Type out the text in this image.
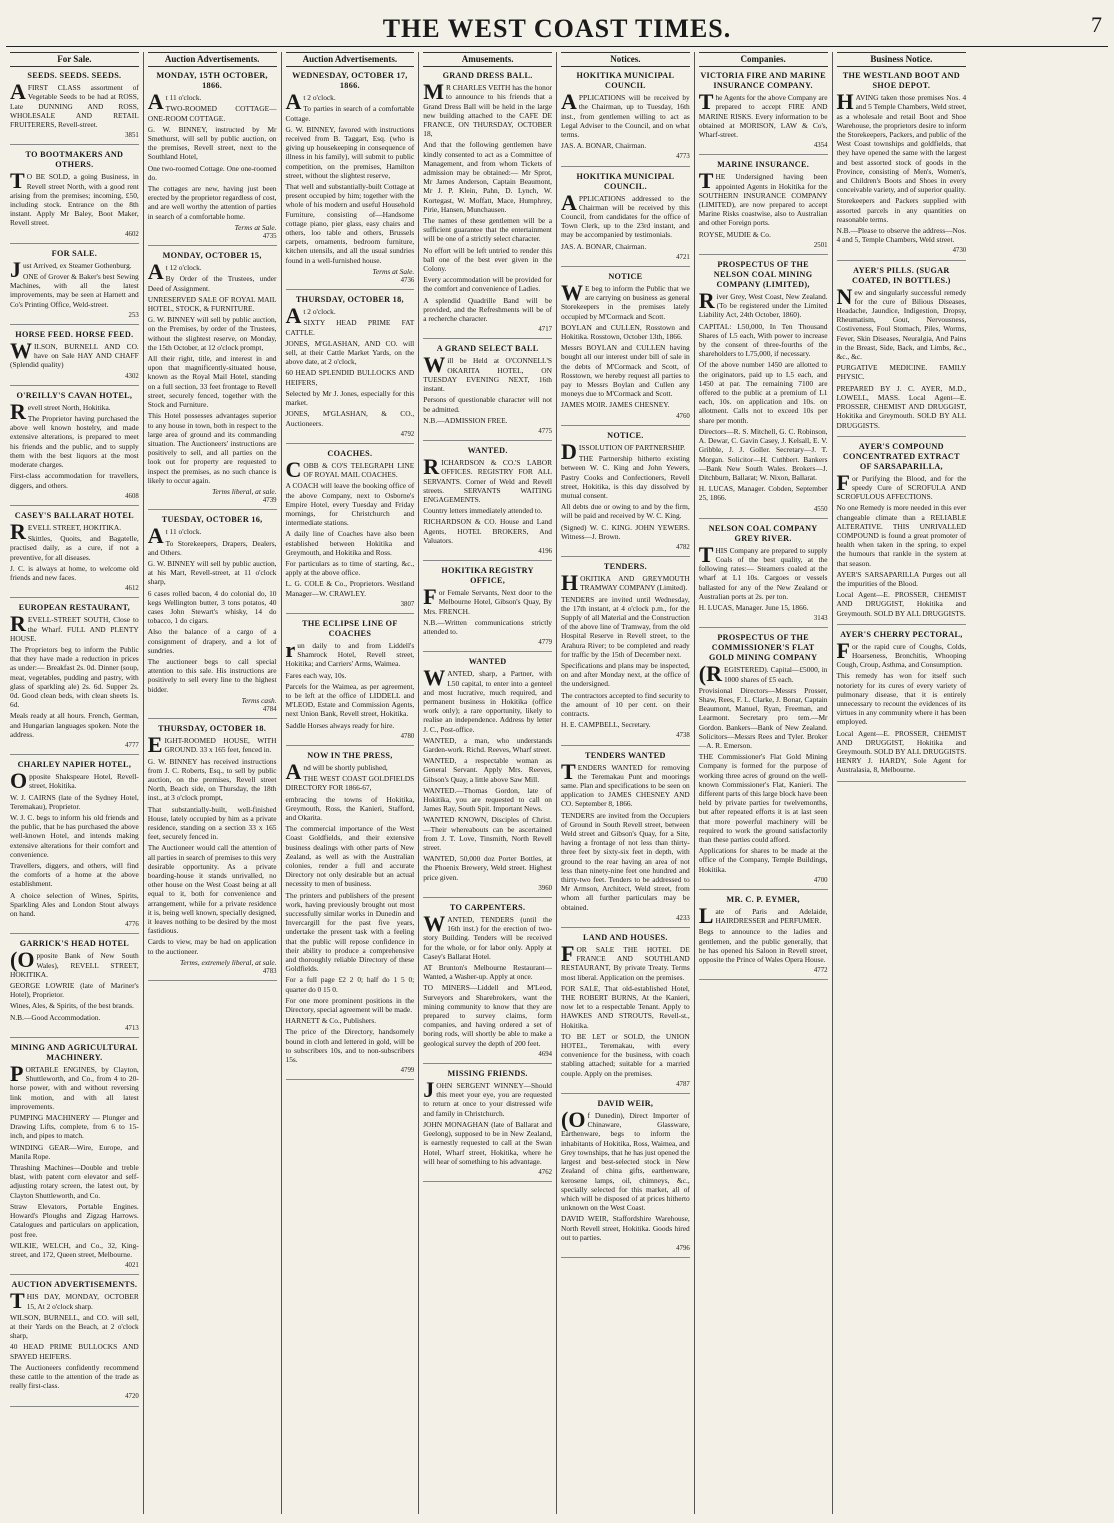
THE WEST COAST TIMES.	7
For Sale.
SEEDS. SEEDS. SEEDS.

AFIRST CLASS assortment of Vegetable Seeds to be had at ROSS, Late DUNNING AND ROSS, WHOLESALE AND RETAIL FRUITERERS, Revell-street.

3851
TO BOOTMAKERS AND OTHERS.

TO BE SOLD, a going Business, in Revell street North, with a good rent arising from the premises; incoming, £50, including stock. Entrance on the 8th instant. Apply Mr Baley, Boot Maker, Revell street.

4602
FOR SALE.

Just Arrived, ex Steamer Gothenburg.

ONE of Grover & Baker's best Sewing Machines, with all the latest improvements, may be seen at Harnett and Co's Printing Office, Weld-street.

253
HORSE FEED. HORSE FEED.

WILSON, BURNELL AND CO. have on Sale HAY AND CHAFF (Splendid quality)

4302
O'REILLY'S CAVAN HOTEL,

Revell street North, Hokitika.

The Proprietor having purchased the above well known hostelry, and made extensive alterations, is prepared to meet his friends and the public, and to supply them with the best liquors at the most moderate charges.

First-class accommodation for travellers, diggers, and others.

4608
CASEY'S BALLARAT HOTEL

REVELL STREET, HOKITIKA.

Skittles, Quoits, and Bagatelle, practised daily, as a cure, if not a preventive, for all diseases.

J. C. is always at home, to welcome old friends and new faces.

4612
EUROPEAN RESTAURANT,

REVELL-STREET SOUTH, Close to the Wharf. FULL AND PLENTY HOUSE.

The Proprietors beg to inform the Public that they have made a reduction in prices as under:— Breakfast 2s. 0d. Dinner (soup, meat, vegetables, pudding and pastry, with glass of sparkling ale) 2s. 6d. Supper 2s. 0d. Good clean beds, with clean sheets 1s. 6d.

Meals ready at all hours. French, German, and Hungarian languages spoken. Note the address.

4777
CHARLEY NAPIER HOTEL,

Opposite Shakspeare Hotel, Revell-street, Hokitika.

W. J. CAIRNS (late of the Sydney Hotel, Teremakau), Proprietor.

W. J. C. begs to inform his old friends and the public, that he has purchased the above well-known Hotel, and intends making extensive alterations for their comfort and convenience.

Travellers, diggers, and others, will find the comforts of a home at the above establishment.

A choice selection of Wines, Spirits, Sparkling Ales and London Stout always on hand.

4776
GARRICK'S HEAD HOTEL

(Opposite Bank of New South Wales), REVELL STREET, HOKITIKA.

GEORGE LOWRIE (late of Mariner's Hotel), Proprietor.

Wines, Ales, & Spirits, of the best brands.

N.B.—Good Accommodation.

4713
MINING AND AGRICULTURAL MACHINERY.

PORTABLE ENGINES, by Clayton, Shuttleworth, and Co., from 4 to 20-horse power, with and without reversing link motion, and with all latest improvements.

PUMPING MACHINERY — Plunger and Drawing Lifts, complete, from 6 to 15-inch, and pipes to match.

WINDING GEAR—Wire, Europe, and Manila Rope.

Thrashing Machines—Double and treble blast, with patent corn elevator and self-adjusting rotary screen, the latest out, by Clayton Shuttleworth, and Co.

Straw Elevators, Portable Engines. Howard's Ploughs and Zigzag Harrows. Catalogues and particulars on application, post free.

WILKIE, WELCH, and Co., 32, King-street, and 172, Queen street, Melbourne.

4021
AUCTION ADVERTISEMENTS.

THIS DAY, MONDAY, OCTOBER 15, At 2 o'clock sharp.

WILSON, BURNELL, and CO. will sell, at their Yards on the Beach, at 2 o'clock sharp,

40 HEAD PRIME BULLOCKS AND SPAYED HEIFERS.

The Auctioneers confidently recommend these cattle to the attention of the trade as really first-class.

4720
Auction Advertisements.
MONDAY, 15TH OCTOBER, 1866.

At 11 o'clock.

TWO-ROOMED COTTAGE—ONE-ROOM COTTAGE.

G. W. BINNEY, instructed by Mr Smethurst, will sell by public auction, on the premises, Revell street, next to the Southland Hotel,

One two-roomed Cottage. One one-roomed do.

The cottages are new, having just been erected by the proprietor regardless of cost, and are well worthy the attention of parties in search of a comfortable home.

Terms at Sale.
4735
MONDAY, OCTOBER 15,

At 12 o'clock.

By Order of the Trustees, under Deed of Assignment.

UNRESERVED SALE OF ROYAL MAIL HOTEL, STOCK, & FURNITURE.

G. W. BINNEY will sell by public auction, on the Premises, by order of the Trustees, without the slightest reserve, on Monday, the 15th October, at 12 o'clock prompt,

All their right, title, and interest in and upon that magnificently-situated house, known as the Royal Mail Hotel, standing on a full section, 33 feet frontage to Revell street, securely fenced, together with the Stock and Furniture.

This Hotel possesses advantages superior to any house in town, both in respect to the large area of ground and its commanding situation. The Auctioneers' instructions are positively to sell, and all parties on the look out for property are requested to inspect the premises, as no such chance is likely to occur again.

Terms liberal, at sale.
4739
TUESDAY, OCTOBER 16,

At 11 o'clock.

To Storekeepers, Drapers, Dealers, and Others.

G. W. BINNEY will sell by public auction, at his Mart, Revell-street, at 11 o'clock sharp,

6 cases rolled bacon, 4 do colonial do, 10 kegs Wellington butter, 3 tons potatos, 40 cases John Stewart's whisky, 14 do tobacco, 1 do cigars.

Also the balance of a cargo of a consignment of drapery, and a lot of sundries.

The auctioneer begs to call special attention to this sale. His instructions are positively to sell every line to the highest bidder.

Terms cash.
4784
THURSDAY, OCTOBER 18.

EIGHT-ROOMED HOUSE, WITH GROUND. 33 x 165 feet, fenced in.

G. W. BINNEY has received instructions from J. C. Roberts, Esq., to sell by public auction, on the premises, Revell street North, Beach side, on Thursday, the 18th inst., at 3 o'clock prompt,

That substantially-built, well-finished House, lately occupied by him as a private residence, standing on a section 33 x 165 feet, securely fenced in.

The Auctioneer would call the attention of all parties in search of premises to this very desirable opportunity. As a private boarding-house it stands unrivalled, no other house on the West Coast being at all equal to it, both for convenience and arrangement, while for a private residence it is, being well known, specially designed, it leaves nothing to be desired by the most fastidious.

Cards to view, may be had on application to the auctioneer.

Terms, extremely liberal, at sale.
4783
Auction Advertisements.
WEDNESDAY, OCTOBER 17, 1866.

At 2 o'clock.

To parties in search of a comfortable Cottage.

G. W. BINNEY, favored with instructions received from B. Taggart, Esq. (who is giving up housekeeping in consequence of illness in his family), will submit to public competition, on the premises, Hamilton street, without the slightest reserve,

That well and substantially-built Cottage at present occupied by him; together with the whole of his modern and useful Household Furniture, consisting of—Handsome cottage piano, pier glass, easy chairs and others, loo table and others, Brussels carpets, ornaments, bedroom furniture, kitchen utensils, and all the usual sundries found in a well-furnished house.

Terms at Sale.
4736
THURSDAY, OCTOBER 18,

At 2 o'clock.

SIXTY HEAD PRIME FAT CATTLE.

JONES, M'GLASHAN, AND CO. will sell, at their Cattle Market Yards, on the above date, at 2 o'clock,

60 HEAD SPLENDID BULLOCKS AND HEIFERS,

Selected by Mr J. Jones, especially for this market.

JONES, M'GLASHAN, & CO., Auctioneers.

4792
COACHES.

COBB & CO'S TELEGRAPH LINE OF ROYAL MAIL COACHES.

A COACH will leave the booking office of the above Company, next to Osborne's Empire Hotel, every Tuesday and Friday mornings, for Christchurch and intermediate stations.

A daily line of Coaches have also been established between Hokitika and Greymouth, and Hokitika and Ross.

For particulars as to time of starting, &c., apply at the above office.

L. G. COLE & Co., Proprietors. Westland Manager—W. CRAWLEY.

3807
THE ECLIPSE LINE OF COACHES

run daily to and from Liddell's Shamrock Hotel, Revell street, Hokitika; and Carriers' Arms, Waimea.

Fares each way, 10s.

Parcels for the Waimea, as per agreement, to be left at the office of LIDDELL and M'LEOD, Estate and Commission Agents, next Union Bank, Revell street, Hokitika.

Saddle Horses always ready for hire.

4780
NOW IN THE PRESS,

And will be shortly published,

THE WEST COAST GOLDFIELDS DIRECTORY FOR 1866-67,

embracing the towns of Hokitika, Greymouth, Ross, the Kanieri, Stafford, and Okarita.

The commercial importance of the West Coast Goldfields, and their extensive business dealings with other parts of New Zealand, as well as with the Australian colonies, render a full and accurate Directory not only desirable but an actual necessity to men of business.

The printers and publishers of the present work, having previously brought out most successfully similar works in Dunedin and Invercargill for the past five years, undertake the present task with a feeling that the public will repose confidence in their ability to produce a comprehensive and thoroughly reliable Directory of these Goldfields.

For a full page £2 2 0; half do 1 5 0; quarter do 0 15 0.

For one more prominent positions in the Directory, special agreement will be made.

HARNETT & Co., Publishers.

The price of the Directory, handsomely bound in cloth and lettered in gold, will be to subscribers 10s, and to non-subscribers 15s.

4799
Amusements.
GRAND DRESS BALL.

MR CHARLES VEITH has the honor to announce to his friends that a Grand Dress Ball will be held in the large new building attached to the CAFE DE FRANCE, ON THURSDAY, OCTOBER 18,

And that the following gentlemen have kindly consented to act as a Committee of Management, and from whom Tickets of admission may be obtained:— Mr Sprot, Mr James Anderson, Captain Beaumont, Mr J. P. Klein, Pahn, D. Lynch, W. Kortegast, W. Moffatt, Mace, Humphrey, Pirie, Hansen, Munchausen.

The names of these gentlemen will be a sufficient guarantee that the entertainment will be one of a strictly select character.

No effort will be left untried to render this ball one of the best ever given in the Colony.

Every accommodation will be provided for the comfort and convenience of Ladies.

A splendid Quadrille Band will be provided, and the Refreshments will be of a recherche character.

4717
A GRAND SELECT BALL

Will be Held at O'CONNELL'S OKARITA HOTEL, ON TUESDAY EVENING NEXT, 16th instant.

Persons of questionable character will not be admitted.

N.B.—ADMISSION FREE.

4775
WANTED.

RICHARDSON & CO.'S LABOR OFFICES. REGISTRY FOR ALL SERVANTS. Corner of Weld and Revell streets. SERVANTS WAITING ENGAGEMENTS.

Country letters immediately attended to.

RICHARDSON & CO. House and Land Agents, HOTEL BROKERS, And Valuators.

4196
HOKITIKA REGISTRY OFFICE,

For Female Servants, Next door to the Melbourne Hotel, Gibson's Quay, By Mrs. FRENCH.

N.B.—Written communications strictly attended to.

4779
WANTED

WANTED, sharp, a Partner, with L50 capital, to enter into a genteel and most lucrative, much required, and permanent business in Hokitika (office work only); a rare opportunity, likely to realise an independence. Address by letter J. C., Post-office.

WANTED, a man, who understands Garden-work. Richd. Reeves, Wharf street.

WANTED, a respectable woman as General Servant. Apply Mrs. Reeves, Gibson's Quay, a little above Saw Mill.

WANTED.—Thomas Gordon, late of Hokitika, you are requested to call on James Ray, South Spit. Important News.

WANTED KNOWN, Disciples of Christ.—Their whereabouts can be ascertained from J. T. Love, Tinsmith, North Revell street.

WANTED, 50,000 doz Porter Bottles, at the Phoenix Brewery, Weld street. Highest price given.

3960
TO CARPENTERS.

WANTED, TENDERS (until the 16th inst.) for the erection of two-story Building. Tenders will be received for the whole, or for labor only. Apply at Casey's Ballarat Hotel.

AT Brunton's Melbourne Restaurant—Wanted, a Washer-up. Apply at once.

TO MINERS—Liddell and M'Leod, Surveyors and Sharebrokers, want the mining community to know that they are prepared to survey claims, form companies, and having ordered a set of boring rods, will shortly be able to make a geological survey the depth of 200 feet.

4694
MISSING FRIENDS.

JOHN SERGENT WINNEY—Should this meet your eye, you are requested to return at once to your distressed wife and family in Christchurch.

JOHN MONAGHAN (late of Ballarat and Geelong), supposed to be in New Zealand, is earnestly requested to call at the Swan Hotel, Wharf street, Hokitika, where he will hear of something to his advantage.

4762
Notices.
HOKITIKA MUNICIPAL COUNCIL

APPLICATIONS will be received by the Chairman, up to Tuesday, 16th inst., from gentlemen willing to act as Legal Adviser to the Council, and on what terms.

JAS. A. BONAR, Chairman.

4773
HOKITIKA MUNICIPAL COUNCIL.

APPLICATIONS addressed to the Chairman will be received by this Council, from candidates for the office of Town Clerk, up to the 23rd instant, and may be accompanied by testimonials.

JAS. A. BONAR, Chairman.

4721
NOTICE

WE beg to inform the Public that we are carrying on business as general Storekeepers in the premises lately occupied by M'Cormack and Scott.

BOYLAN and CULLEN, Rosstown and Hokitika. Rosstown, October 13th, 1866.

Messrs BOYLAN and CULLEN having bought all our interest under bill of sale in the debts of M'Cormack and Scott, of Rosstown, we hereby request all parties to pay to Messrs Boylan and Cullen any moneys due to M'Cormack and Scott.

JAMES MOIR. JAMES CHESNEY.

4760
NOTICE.

DISSOLUTION OF PARTNERSHIP.

THE Partnership hitherto existing between W. C. King and John Yewers, Pastry Cooks and Confectioners, Revell street, Hokitika, is this day dissolved by mutual consent.

All debts due or owing to and by the firm, will be paid and received by W. C. King.

(Signed) W. C. KING. JOHN YEWERS. Witness—J. Brown.

4782
TENDERS.

HOKITIKA AND GREYMOUTH TRAMWAY COMPANY (Limited).

TENDERS are invited until Wednesday, the 17th instant, at 4 o'clock p.m., for the Supply of all Material and the Construction of the above line of Tramway, from the old Hospital Reserve in Revell street, to the Arahura River; to be completed and ready for traffic by the 15th of December next.

Specifications and plans may be inspected, on and after Monday next, at the office of the undersigned.

The contractors accepted to find security to the amount of 10 per cent. on their contracts.

H. E. CAMPBELL, Secretary.

4738
TENDERS WANTED

TENDERS WANTED for removing the Teremakau Punt and moorings same. Plan and specifications to be seen on application to JAMES CHESNEY AND CO. September 8, 1866.

TENDERS are invited from the Occupiers of Ground in South Revell street, between Weld street and Gibson's Quay, for a Site, having a frontage of not less than thirty-three feet by sixty-six feet in depth, with ground to the rear having an area of not less than ninety-nine feet one hundred and thirty-two feet. Tenders to be addressed to Mr Armson, Architect, Weld street, from whom all further particulars may be obtained.

4233
LAND AND HOUSES.

FOR SALE THE HOTEL DE FRANCE AND SOUTHLAND RESTAURANT, By private Treaty. Terms most liberal. Application on the premises.

FOR SALE, That old-established Hotel, THE ROBERT BURNS, At the Kanieri, now let to a respectable Tenant. Apply to HAWKES AND STROUTS, Revell-st., Hokitika.

TO BE LET or SOLD, the UNION HOTEL, Teremakau, with every convenience for the business, with coach stabling attached; suitable for a married couple. Apply on the premises.

4787
DAVID WEIR,

(Of Dunedin), Direct Importer of Chinaware, Glassware, Earthenware, begs to inform the inhabitants of Hokitika, Ross, Waimea, and Grey townships, that he has just opened the largest and best-selected stock in New Zealand of china gifts, earthenware, kerosene lamps, oil, chimneys, &c., specially selected for this market, all of which will be disposed of at prices hitherto unknown on the West Coast.

DAVID WEIR, Staffordshire Warehouse, North Revell street, Hokitika. Goods hired out to parties.

4796
Companies.
VICTORIA FIRE AND MARINE INSURANCE COMPANY.

The Agents for the above Company are prepared to accept FIRE AND MARINE RISKS. Every information to be obtained at MORISON, LAW & Co's, Wharf-street.

4354
MARINE INSURANCE.

THE Undersigned having been appointed Agents in Hokitika for the SOUTHERN INSURANCE COMPANY (LIMITED), are now prepared to accept Marine Risks coastwise, also to Australian and other Foreign ports.

ROYSE, MUDIE & Co.

2501
PROSPECTUS OF THE NELSON COAL MINING COMPANY (LIMITED),

River Grey, West Coast, New Zealand. (To be registered under the Limited Liability Act, 24th October, 1860).

CAPITAL: L50,000, In Ten Thousand Shares of L5 each, With power to increase by the consent of three-fourths of the shareholders to L75,000, if necessary.

Of the above number 1450 are allotted to the originators, paid up to L5 each, and 1450 at par. The remaining 7100 are offered to the public at a premium of L1 each, 10s. on application and 10s. on allotment. Calls not to exceed 10s per share per month.

Directors—R. S. Mitchell, G. C. Robinson, A. Dewar, C. Gavin Casey, J. Kelsall, E. V. Gribble, J. J. Goller. Secretary—J. T. Morgan. Solicitor—H. Cuthbert. Bankers—Bank New South Wales. Brokers—J. Ditchburn, Ballarat; W. Nixon, Ballarat.

H. LUCAS, Manager. Cobden, September 25, 1866.

4550
NELSON COAL COMPANY GREY RIVER.

THIS Company are prepared to supply Coals of the best quality, at the following rates:— Steamers coaled at the wharf at L1 10s. Cargoes or vessels ballasted for any of the New Zealand or Australian ports at 2s. per ton.

H. LUCAS, Manager. June 15, 1866.

3143
PROSPECTUS OF THE COMMISSIONER'S FLAT GOLD MINING COMPANY

(REGISTERED). Capital—£5000, in 1000 shares of £5 each.

Provisional Directors—Messrs Prosser, Shaw, Rees, F. L. Clarke, J. Bonar, Captain Beaumont, Manuel, Ryan, Freeman, and Learmont. Secretary pro tem.—Mr Gordon. Bankers—Bank of New Zealand. Solicitors—Messrs Rees and Tyler. Broker—A. R. Emerson.

THE Commissioner's Flat Gold Mining Company is formed for the purpose of working three acres of ground on the well-known Commissioner's Flat, Kanieri. The different parts of this large block have been held by private parties for twelvemonths, but after repeated efforts it is at last seen that more powerful machinery will be required to work the ground satisfactorily than these parties could afford.

Applications for shares to be made at the office of the Company, Temple Buildings, Hokitika.

4700
MR. C. P. EYMER,

Late of Paris and Adelaide, HAIRDRESSER and PERFUMER.

Begs to announce to the ladies and gentlemen, and the public generally, that he has opened his Saloon in Revell street, opposite the Prince of Wales Opera House.

4772
Business Notice.
THE WESTLAND BOOT AND SHOE DEPOT.

HAVING taken those premises Nos. 4 and 5 Temple Chambers, Weld street, as a wholesale and retail Boot and Shoe Warehouse, the proprietors desire to inform the Storekeepers, Packers, and public of the West Coast townships and goldfields, that they have opened the same with the largest and best assorted stock of goods in the Province, consisting of Men's, Women's, and Children's Boots and Shoes in every conceivable variety, and of superior quality.

Storekeepers and Packers supplied with assorted parcels in any quantities on reasonable terms.

N.B.—Please to observe the address—Nos. 4 and 5, Temple Chambers, Weld street.

4730
AYER'S PILLS. (SUGAR COATED, IN BOTTLES.)

New and singularly successful remedy for the cure of Bilious Diseases, Headache, Jaundice, Indigestion, Dropsy, Rheumatism, Gout, Nervousness, Costiveness, Foul Stomach, Piles, Worms, Fever, Skin Diseases, Neuralgia, And Pains in the Breast, Side, Back, and Limbs, &c., &c., &c.

PURGATIVE MEDICINE. FAMILY PHYSIC.

PREPARED BY J. C. AYER, M.D., LOWELL, MASS. Local Agent—E. PROSSER, CHEMIST AND DRUGGIST, Hokitika and Greymouth. SOLD BY ALL DRUGGISTS.

AYER'S COMPOUND CONCENTRATED EXTRACT OF SARSAPARILLA,

For Purifying the Blood, and for the speedy Cure of SCROFULA AND SCROFULOUS AFFECTIONS.

No one Remedy is more needed in this ever changeable climate than a RELIABLE ALTERATIVE. THIS UNRIVALLED COMPOUND is found a great promoter of health when taken in the spring, to expel the humours that rankle in the system at that season.

AYER'S SARSAPARILLA Purges out all the impurities of the Blood.

Local Agent—E. PROSSER, CHEMIST AND DRUGGIST, Hokitika and Greymouth. SOLD BY ALL DRUGGISTS.

AYER'S CHERRY PECTORAL,

For the rapid cure of Coughs, Colds, Hoarseness, Bronchitis, Whooping Cough, Croup, Asthma, and Consumption.

This remedy has won for itself such notoriety for its cures of every variety of pulmonary disease, that it is entirely unnecessary to recount the evidences of its virtues in any community where it has been employed.

Local Agent—E. PROSSER, CHEMIST AND DRUGGIST, Hokitika and Greymouth. SOLD BY ALL DRUGGISTS. HENRY J. HARDY, Sole Agent for Australasia, 8, Melbourne.
